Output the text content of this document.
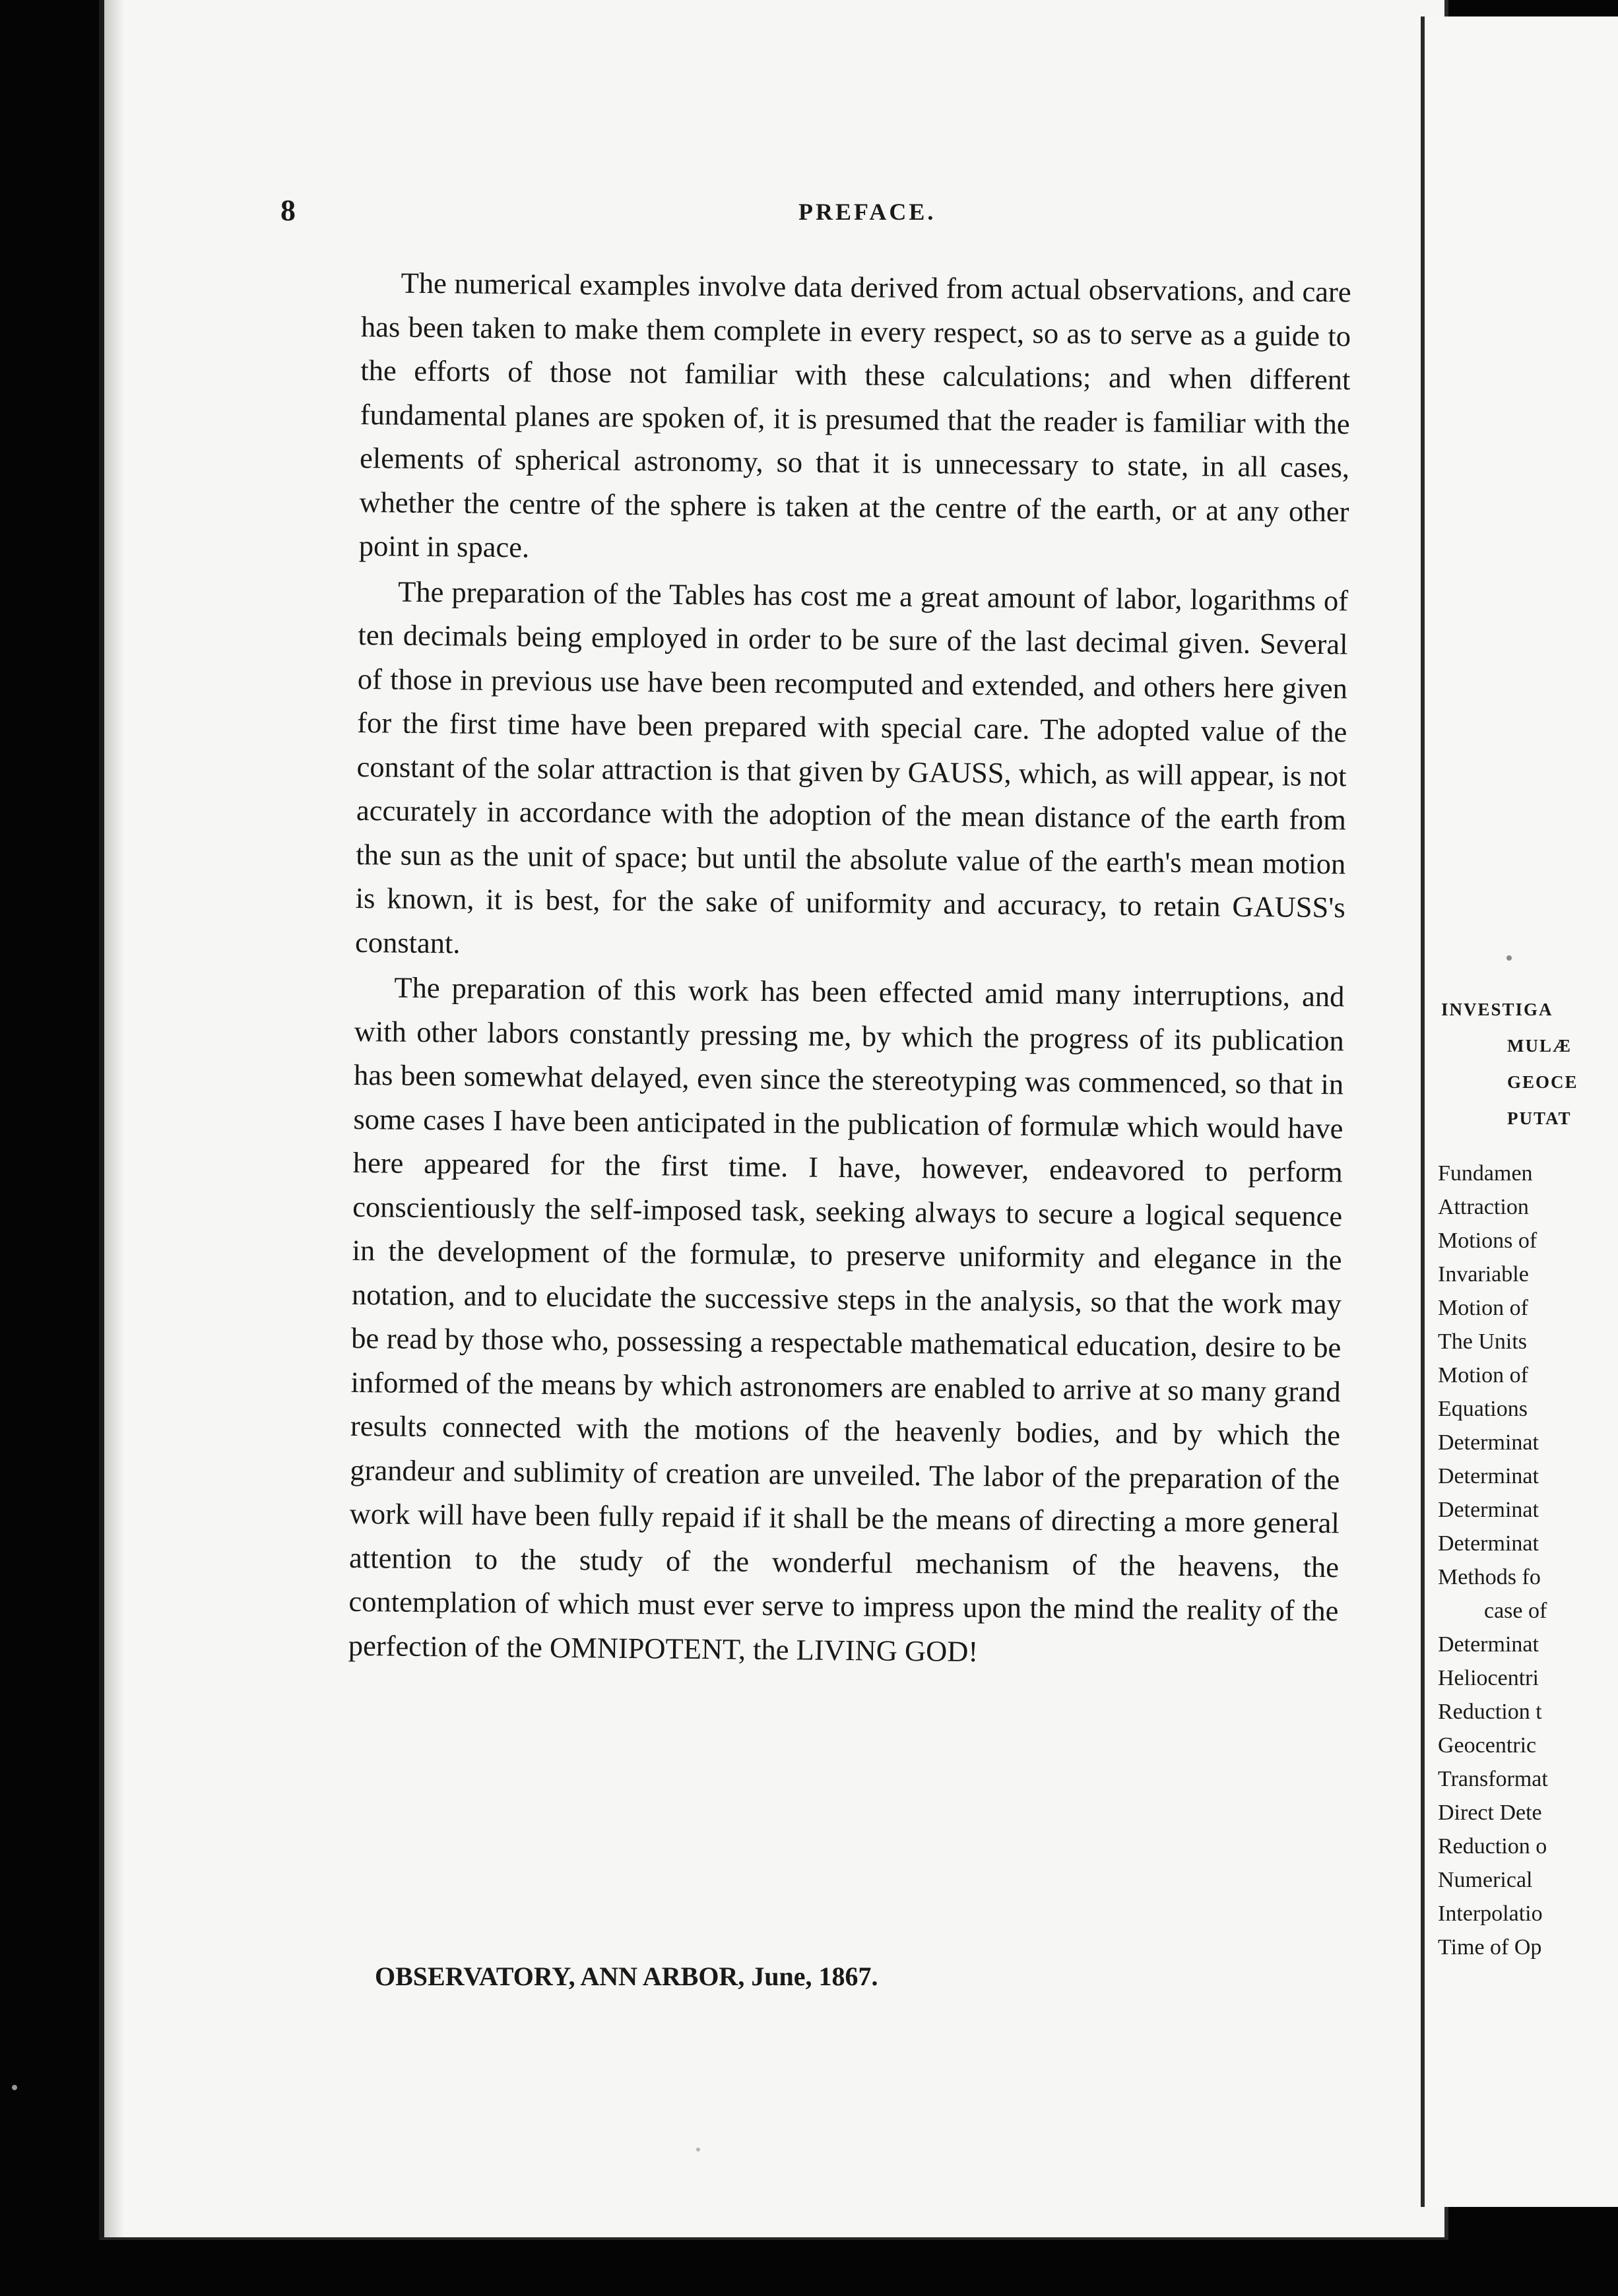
8	PREFACE.

The numerical examples involve data derived from actual observations, and care has been taken to make them complete in every respect, so as to serve as a guide to the efforts of those not familiar with these calculations; and when different fundamental planes are spoken of, it is presumed that the reader is familiar with the elements of spherical astronomy, so that it is unnecessary to state, in all cases, whether the centre of the sphere is taken at the centre of the earth, or at any other point in space.

The preparation of the Tables has cost me a great amount of labor, logarithms of ten decimals being employed in order to be sure of the last decimal given. Several of those in previous use have been recomputed and extended, and others here given for the first time have been prepared with special care. The adopted value of the constant of the solar attraction is that given by GAUSS, which, as will appear, is not accurately in accordance with the adoption of the mean distance of the earth from the sun as the unit of space; but until the absolute value of the earth's mean motion is known, it is best, for the sake of uniformity and accuracy, to retain GAUSS's constant.

The preparation of this work has been effected amid many interruptions, and with other labors constantly pressing me, by which the progress of its publication has been somewhat delayed, even since the stereotyping was commenced, so that in some cases I have been anticipated in the publication of formulæ which would have here appeared for the first time. I have, however, endeavored to perform conscientiously the self-imposed task, seeking always to secure a logical sequence in the development of the formulæ, to preserve uniformity and elegance in the notation, and to elucidate the successive steps in the analysis, so that the work may be read by those who, possessing a respectable mathematical education, desire to be informed of the means by which astronomers are enabled to arrive at so many grand results connected with the motions of the heavenly bodies, and by which the grandeur and sublimity of creation are unveiled. The labor of the preparation of the work will have been fully repaid if it shall be the means of directing a more general attention to the study of the wonderful mechanism of the heavens, the contemplation of which must ever serve to impress upon the mind the reality of the perfection of the OMNIPOTENT, the LIVING GOD!

OBSERVATORY, ANN ARBOR, June, 1867.
INVESTIGA
MULÆ
GEOCE
PUTAT
Fundamen
Attraction
Motions of
Invariable
Motion of
The Units
Motion of
Equations
Determinat
Determinat
Determinat
Determinat
Methods fo
case of
Determinat
Heliocentri
Reduction t
Geocentric
Transformat
Direct Dete
Reduction o
Numerical
Interpolatio
Time of Op
